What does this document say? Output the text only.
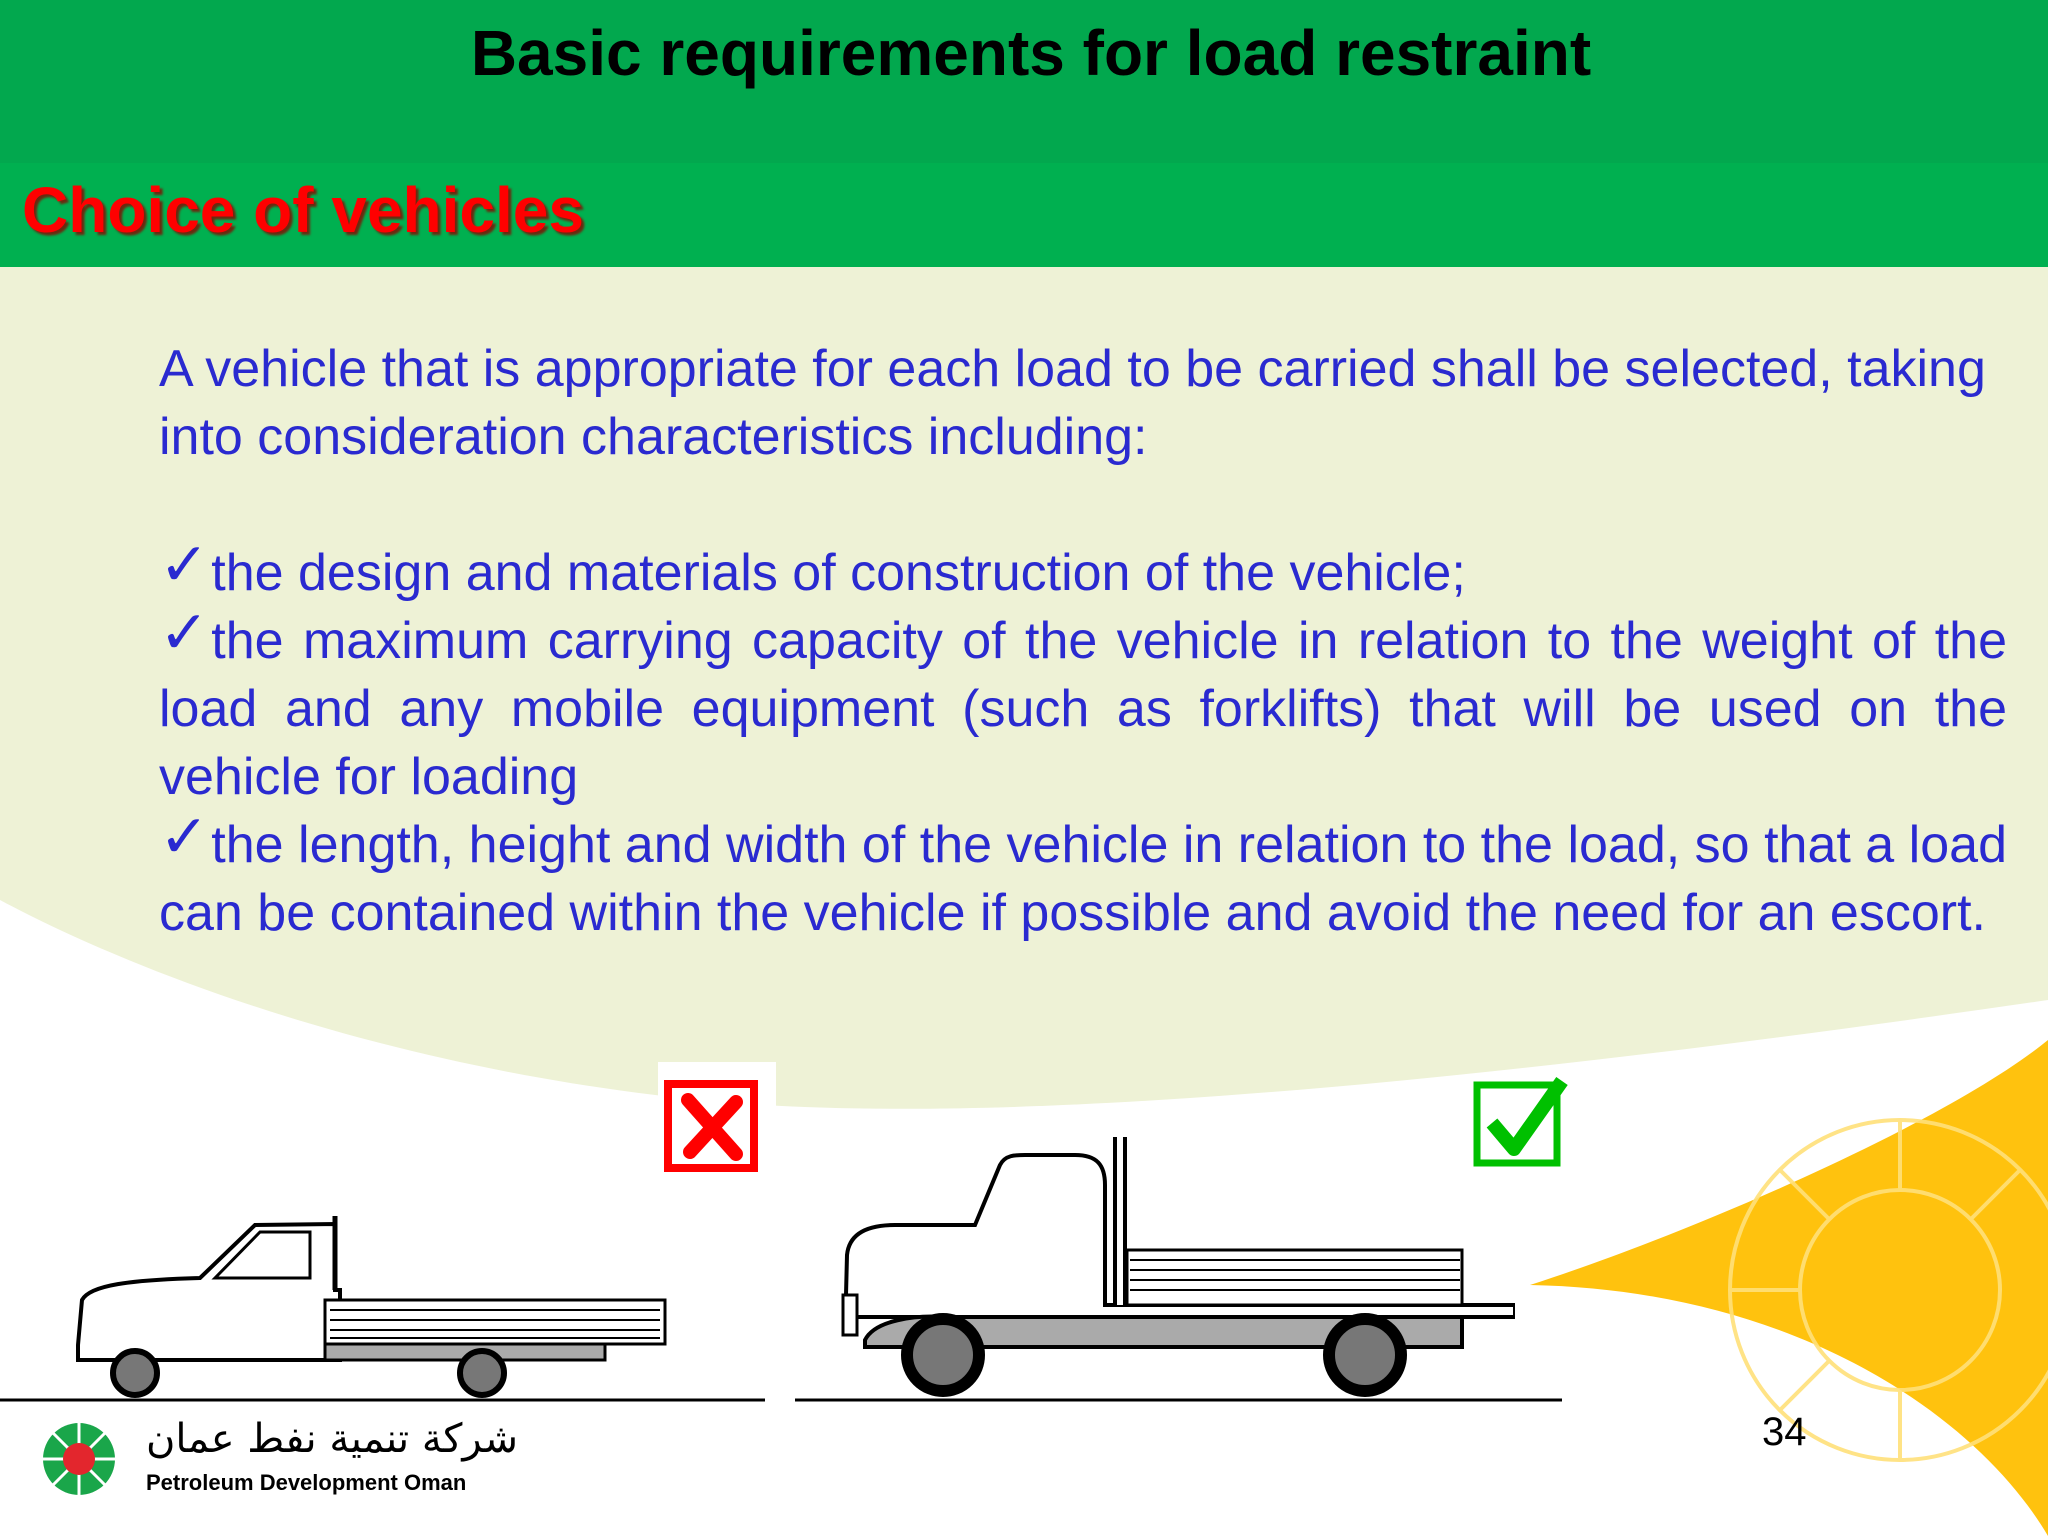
Basic requirements for load restraint
Choice of vehicles

A vehicle that is appropriate for each load to be carried shall be selected, taking into consideration characteristics including:

✓the design and materials of construction of the vehicle;

✓the maximum carrying capacity of the vehicle in relation to the weight of the load and any mobile equipment (such as forklifts) that will be used on the vehicle for loading

✓the length, height and width of the vehicle in relation to the load, so that a load can be contained within the vehicle if possible and avoid the need for an escort.

34
شركة تنمية نفط عمان
Petroleum Development Oman
